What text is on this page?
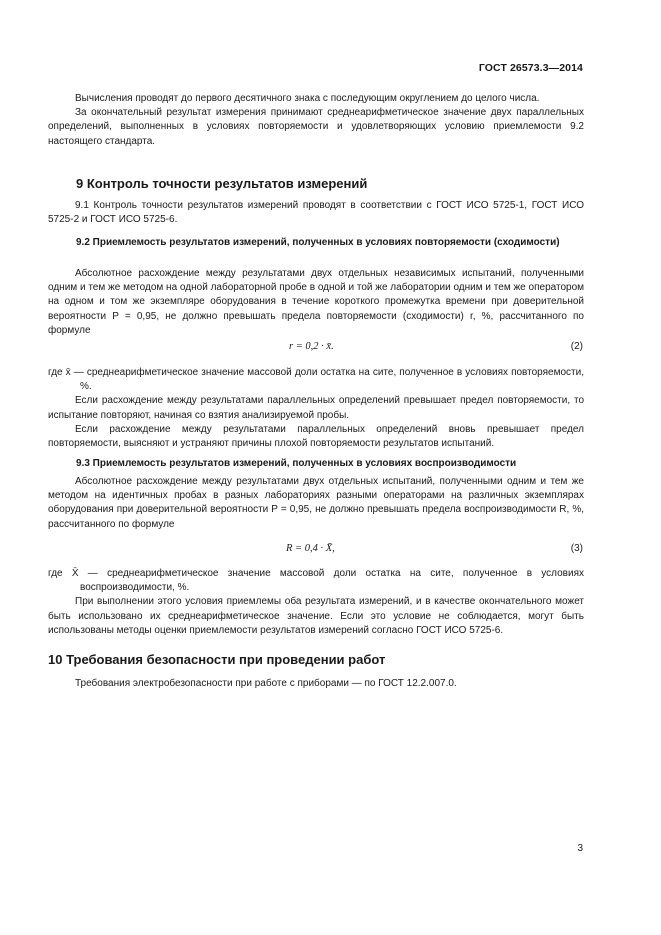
ГОСТ 26573.3—2014

Вычисления проводят до первого десятичного знака с последующим округлением до целого числа.

За окончательный результат измерения принимают среднеарифметическое значение двух параллельных определений, выполненных в условиях повторяемости и удовлетворяющих условию приемлемости 9.2 настоящего стандарта.

9 Контроль точности результатов измерений

9.1 Контроль точности результатов измерений проводят в соответствии с ГОСТ ИСО 5725-1, ГОСТ ИСО 5725-2 и ГОСТ ИСО 5725-6.

9.2 Приемлемость результатов измерений, полученных в условиях повторяемости (сходимости)

Абсолютное расхождение между результатами двух отдельных независимых испытаний, полученными одним и тем же методом на одной лабораторной пробе в одной и той же лаборатории одним и тем же оператором на одном и том же экземпляре оборудования в течение короткого промежутка времени при доверительной вероятности P = 0,95, не должно превышать предела повторяемости (сходимости) r, %, рассчитанного по формуле

r = 0,2 · x̄.	(2)

где x̄ — среднеарифметическое значение массовой доли остатка на сите, полученное в условиях повторяемости, %.

Если расхождение между результатами параллельных определений превышает предел повторяемости, то испытание повторяют, начиная со взятия анализируемой пробы.

Если расхождение между результатами параллельных определений вновь превышает предел повторяемости, выясняют и устраняют причины плохой повторяемости результатов испытаний.

9.3 Приемлемость результатов измерений, полученных в условиях воспроизводимости

Абсолютное расхождение между результатами двух отдельных испытаний, полученными одним и тем же методом на идентичных пробах в разных лабораториях разными операторами на различных экземплярах оборудования при доверительной вероятности P = 0,95, не должно превышать предела воспроизводимости R, %, рассчитанного по формуле

R = 0,4 · X̄,	(3)

где X̄ — среднеарифметическое значение массовой доли остатка на сите, полученное в условиях воспроизводимости, %.

При выполнении этого условия приемлемы оба результата измерений, и в качестве окончательного может быть использовано их среднеарифметическое значение. Если это условие не соблюдается, могут быть использованы методы оценки приемлемости результатов измерений согласно ГОСТ ИСО 5725-6.

10 Требования безопасности при проведении работ

Требования электробезопасности при работе с приборами — по ГОСТ 12.2.007.0.

3
